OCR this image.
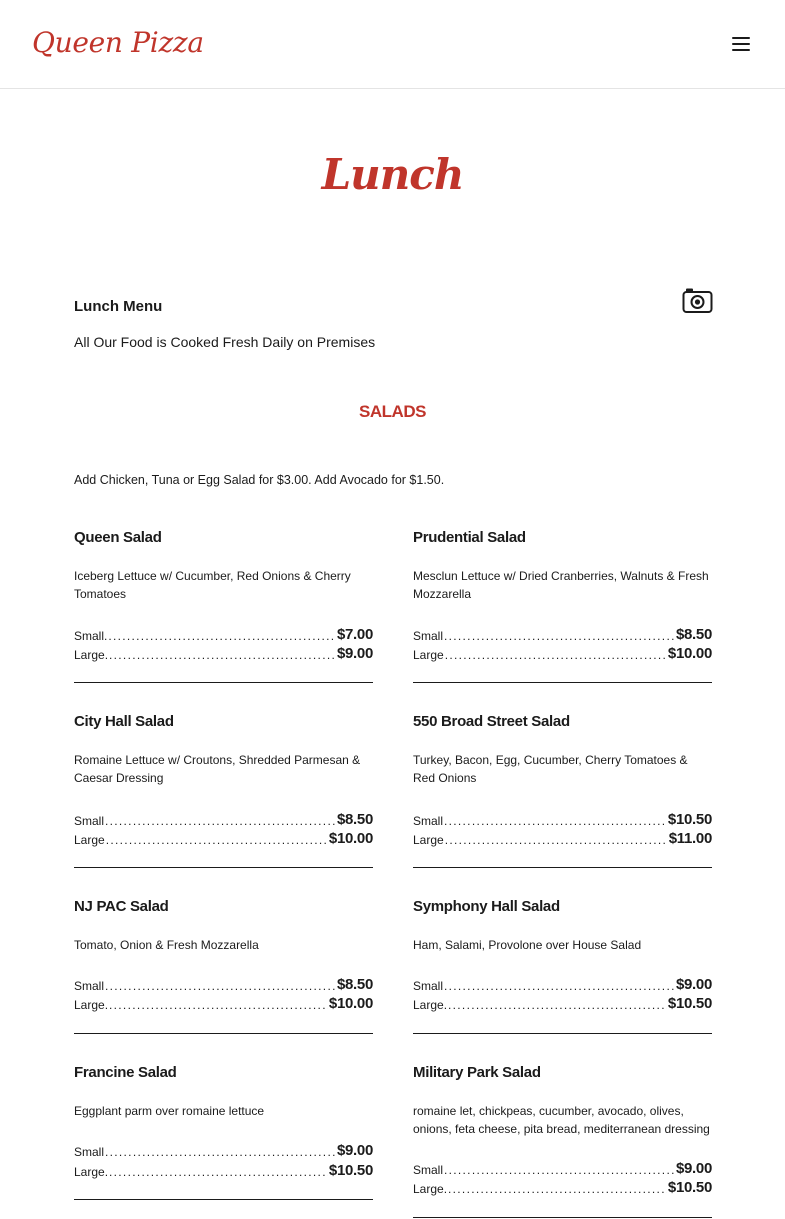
Queen Pizza
Lunch
Lunch Menu
All Our Food is Cooked Fresh Daily on Premises
SALADS
Add Chicken, Tuna or Egg Salad for $3.00. Add Avocado for $1.50.
Queen Salad
Iceberg Lettuce w/ Cucumber, Red Onions & Cherry Tomatoes
Small. .....	$7.00
Large. .....	$9.00
Prudential Salad
Mesclun Lettuce w/ Dried Cranberries, Walnuts & Fresh Mozzarella
Small .....	$8.50
Large .....	$10.00
City Hall Salad
Romaine Lettuce w/ Croutons, Shredded Parmesan & Caesar Dressing
Small .....	$8.50
Large .....	$10.00
550 Broad Street Salad
Turkey, Bacon, Egg, Cucumber, Cherry Tomatoes & Red Onions
Small .....	$10.50
Large .....	$11.00
NJ PAC Salad
Tomato, Onion & Fresh Mozzarella
Small .....	$8.50
Large. .....	$10.00
Symphony Hall Salad
Ham, Salami, Provolone over House Salad
Small .....	$9.00
Large. .....	$10.50
Francine Salad
Eggplant parm over romaine lettuce
Small .....	$9.00
Large. .....	$10.50
Military Park Salad
romaine let, chickpeas, cucumber, avocado, olives, onions, feta cheese, pita bread, mediterranean dressing
Small .....	$9.00
Large. .....	$10.50
